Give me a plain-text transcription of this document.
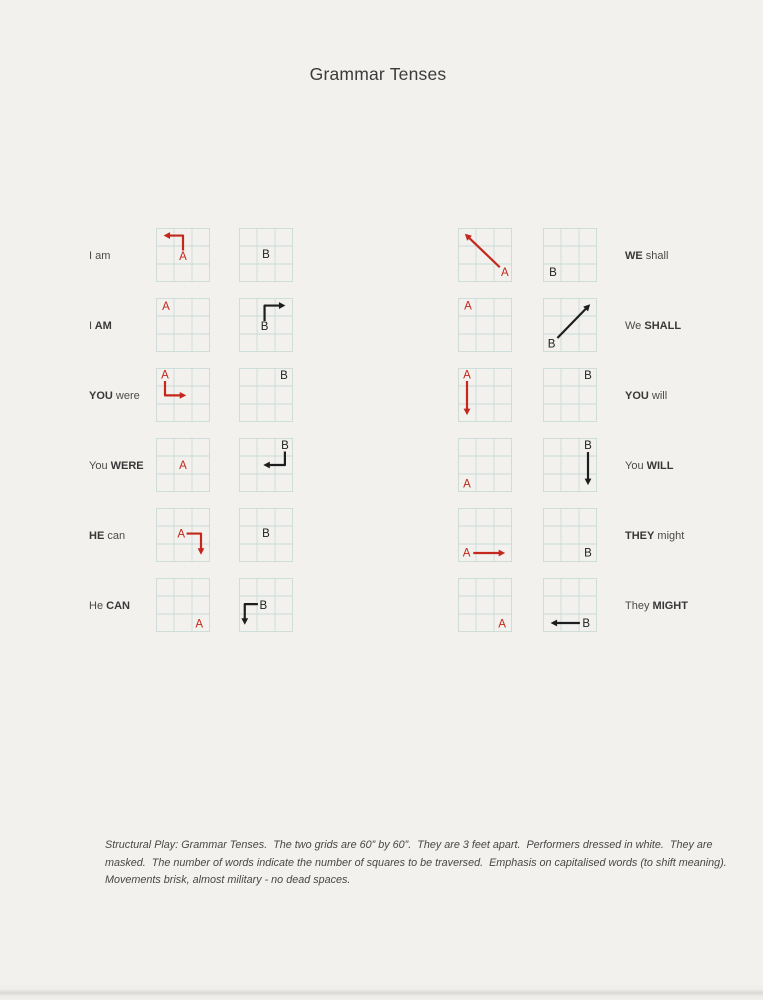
Grammar Tenses
I am	A	B
I AM
A
B
YOU were
A	B
You WERE	A
B
HE can	A	B
He CAN
A
B
WE shall
A	B
We SHALL
A
B
YOU will
A	B
You WILL
A
B
THEY might
A	B
They MIGHT
A	B
Structural Play: Grammar Tenses.  The two grids are 60” by 60”.  They are 3 feet apart.  Performers dressed in white.  They are
masked.  The number of words indicate the number of squares to be traversed.  Emphasis on capitalised words (to shift meaning).
Movements brisk, almost military - no dead spaces.
